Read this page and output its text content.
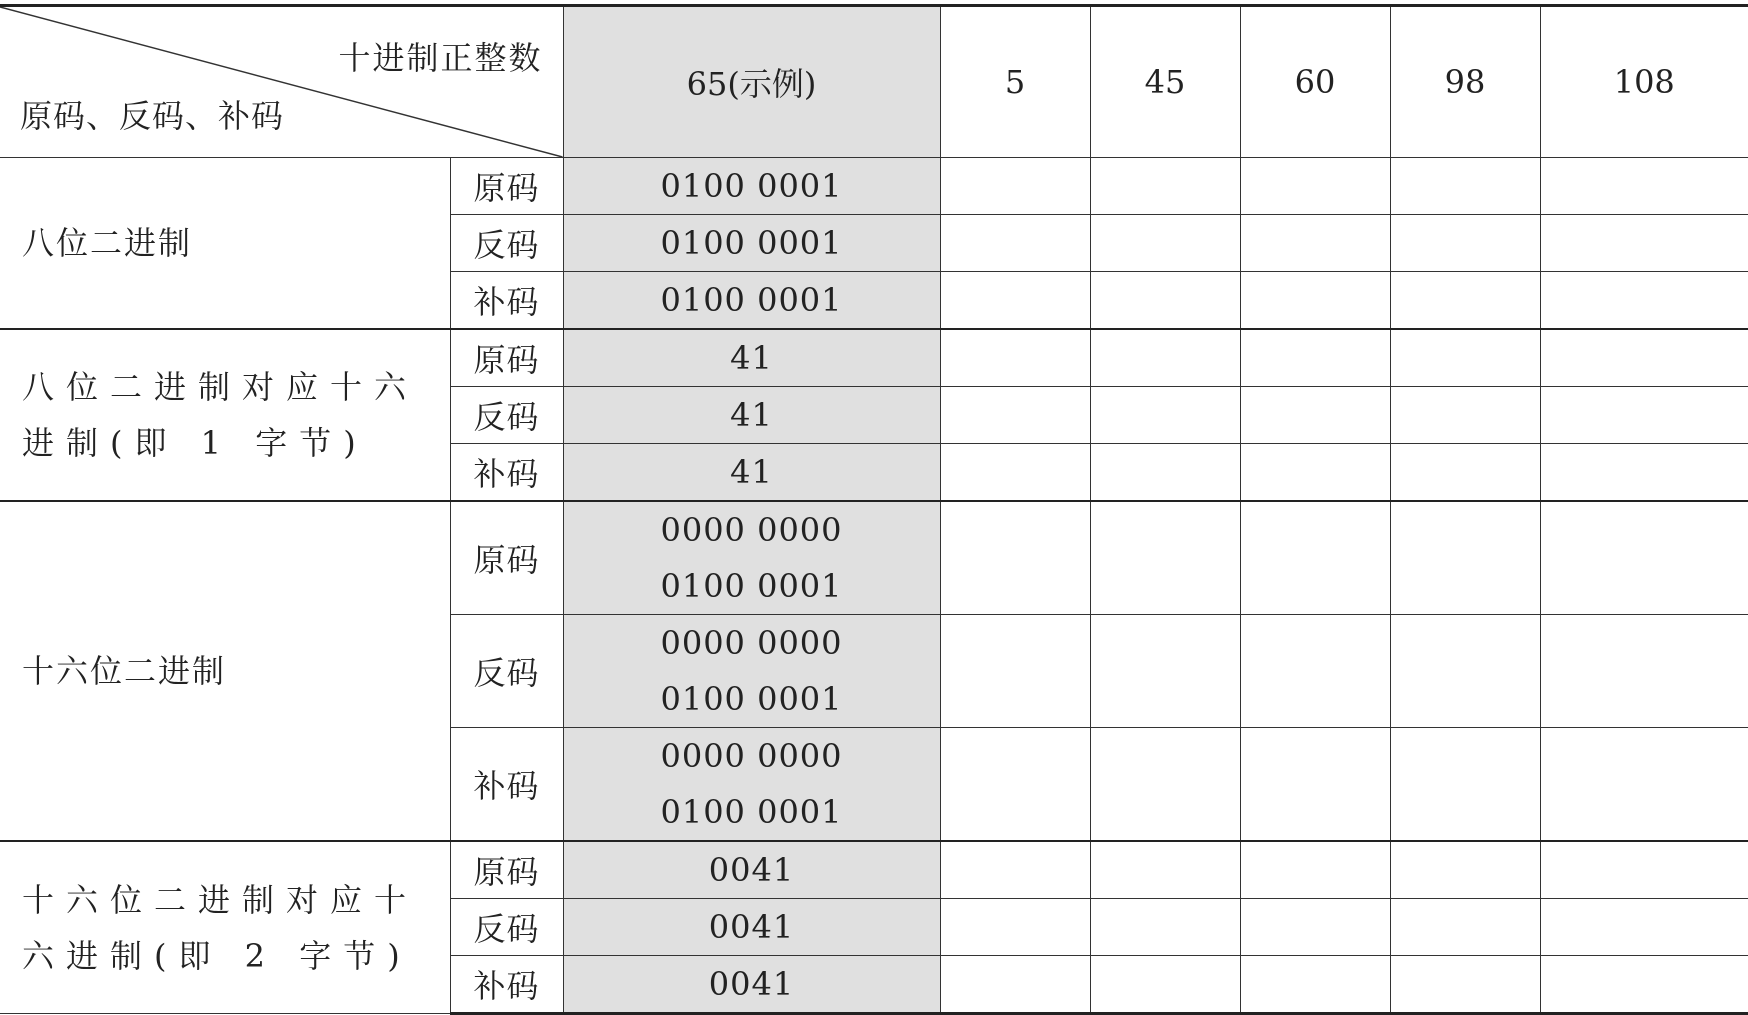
十进制正整数
原码、反码、补码		65(示例)	5	45	60	98	108
八位二进制	原码	0100 0001					

	反码	0100 0001					

	补码	0100 0001					

八位二进制对应十六进制(即 1 字节)	原码	41					

	反码	41					

	补码	41					

十六位二进制	原码	0000 0000
0100 0001					

	反码	0000 0000
0100 0001					

	补码	0000 0000
0100 0001					

十六位二进制对应十六进制(即 2 字节)	原码	0041					

	反码	0041					

	补码	0041					
